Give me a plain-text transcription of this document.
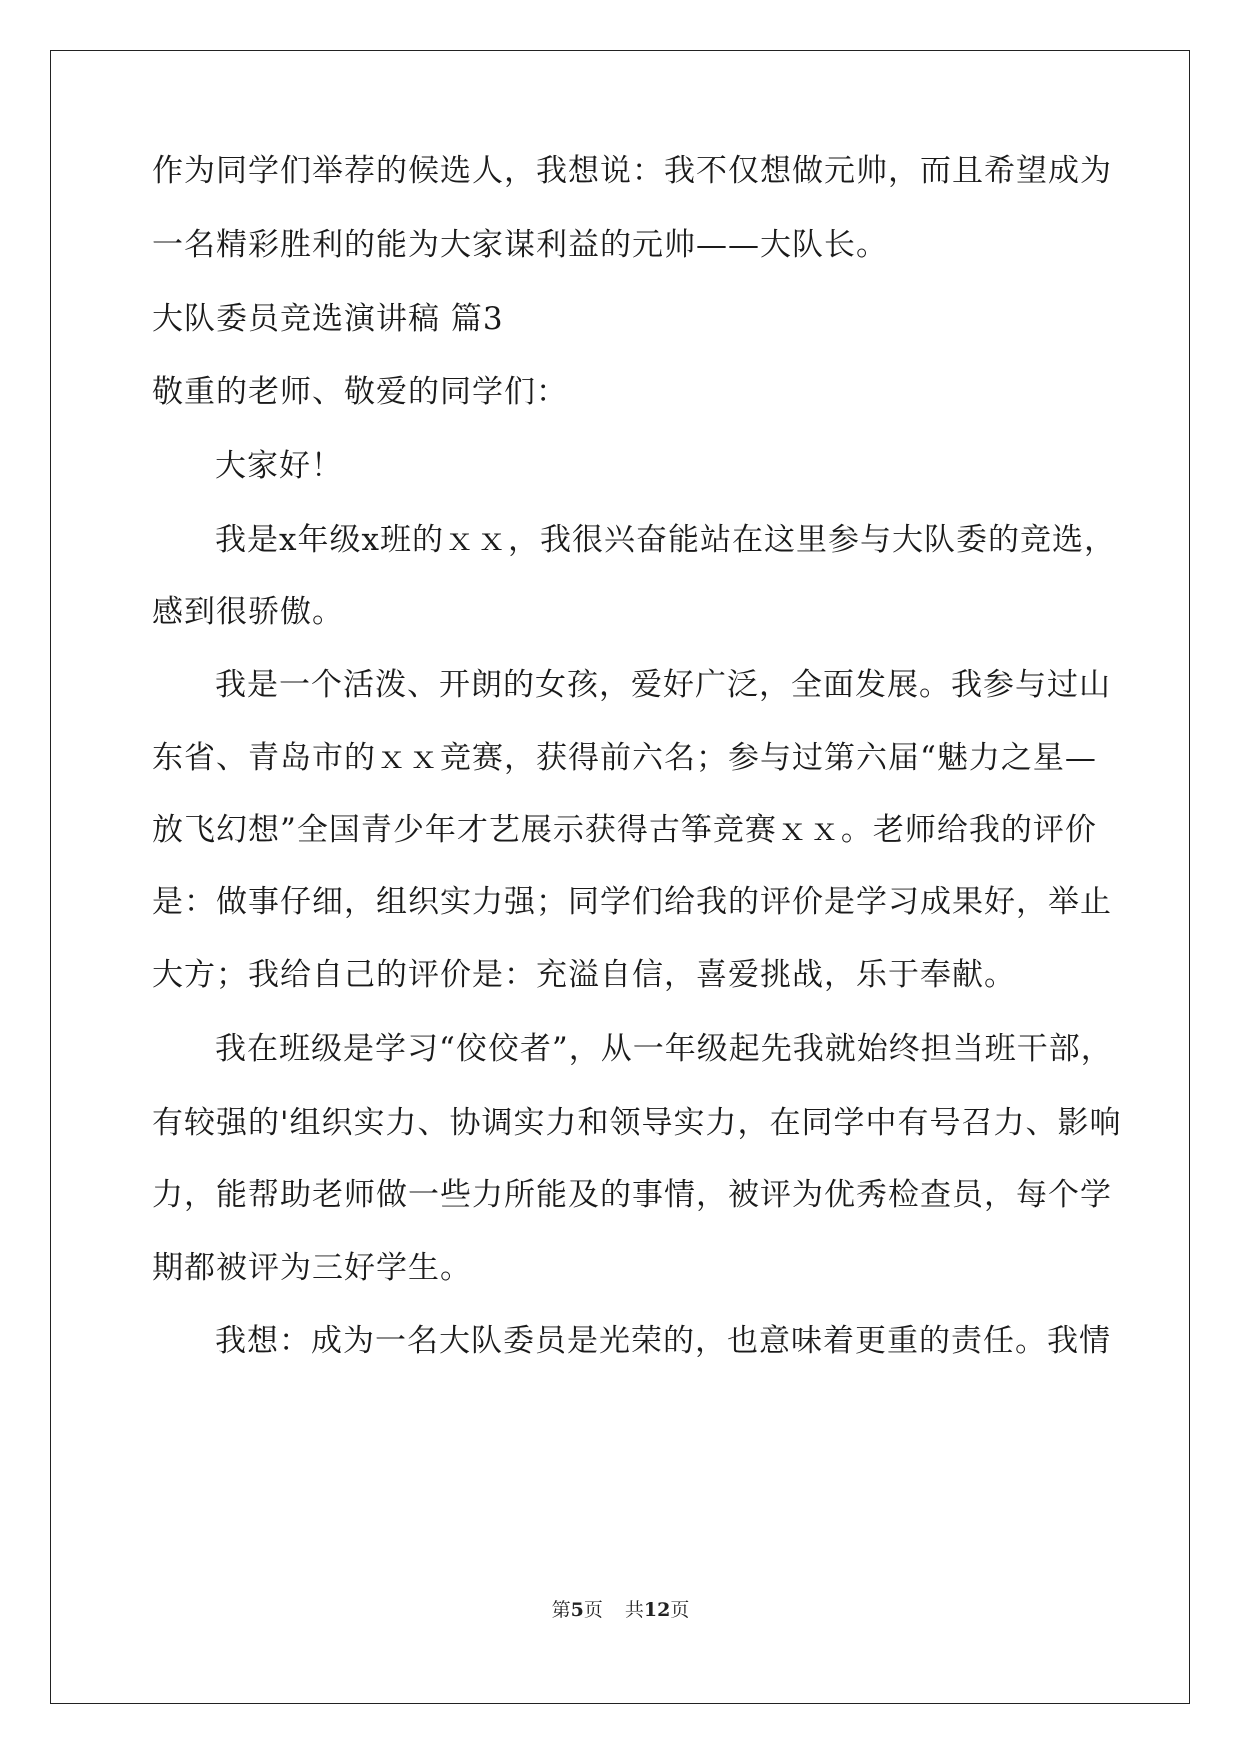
作为同学们举荐的候选人，我想说：我不仅想做元帅，而且希望成为
一名精彩胜利的能为大家谋利益的元帅——大队长。
大队委员竞选演讲稿 篇3
敬重的老师、敬爱的同学们：
大家好！
我是x年级x班的ｘｘ，我很兴奋能站在这里参与大队委的竞选，
感到很骄傲。
我是一个活泼、开朗的女孩，爱好广泛，全面发展。我参与过山
东省、青岛市的ｘｘ竞赛，获得前六名；参与过第六届“魅力之星—
放飞幻想”全国青少年才艺展示获得古筝竞赛ｘｘ。老师给我的评价
是：做事仔细，组织实力强；同学们给我的评价是学习成果好，举止
大方；我给自己的评价是：充溢自信，喜爱挑战，乐于奉献。
我在班级是学习“佼佼者”，从一年级起先我就始终担当班干部，
有较强的'组织实力、协调实力和领导实力，在同学中有号召力、影响
力，能帮助老师做一些力所能及的事情，被评为优秀检查员，每个学
期都被评为三好学生。
我想：成为一名大队委员是光荣的，也意味着更重的责任。我情
第5页 共12页
